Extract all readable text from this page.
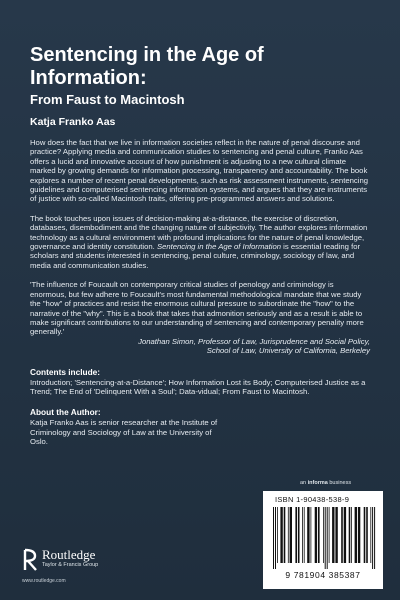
Sentencing in the Age of Information:
From Faust to Macintosh
Katja Franko Aas

How does the fact that we live in information societies reflect in the nature of penal discourse and practice? Applying media and communication studies to sentencing and penal culture, Franko Aas offers a lucid and innovative account of how punishment is adjusting to a new cultural climate marked by growing demands for information processing, transparency and accountability. The book explores a number of recent penal developments, such as risk assessment instruments, sentencing guidelines and computerised sentencing information systems, and argues that they are instruments of justice with so-called Macintosh traits, offering pre-programmed answers and solutions.

The book touches upon issues of decision-making at-a-distance, the exercise of discretion, databases, disembodiment and the changing nature of subjectivity. The author explores information technology as a cultural environment with profound implications for the nature of penal knowledge, governance and identity constitution. Sentencing in the Age of Information is essential reading for scholars and students interested in sentencing, penal culture, criminology, sociology of law, and media and communication studies.

'The influence of Foucault on contemporary critical studies of penology and criminology is enormous, but few adhere to Foucault's most fundamental methodological mandate that we study the "how" of practices and resist the enormous cultural pressure to subordinate the "how" to the narrative of the "why". This is a book that takes that admonition seriously and as a result is able to make significant contributions to our understanding of sentencing and contemporary penality more generally.'

Jonathan Simon, Professor of Law, Jurisprudence and Social Policy,

School of Law, University of California, Berkeley

Contents include:
Introduction; 'Sentencing-at-a-Distance'; How Information Lost its Body; Computerised Justice as a Trend; The End of 'Delinquent With a Soul'; Data-vidual; From Faust to Macintosh.
About the Author:
Katja Franko Aas is senior researcher at the Institute of Criminology and Sociology of Law at the University of Oslo.
an informa business
ISBN 1-90438-538-9
9 781904 385387
Routledge
Taylor & Francis Group
www.routledge.com
